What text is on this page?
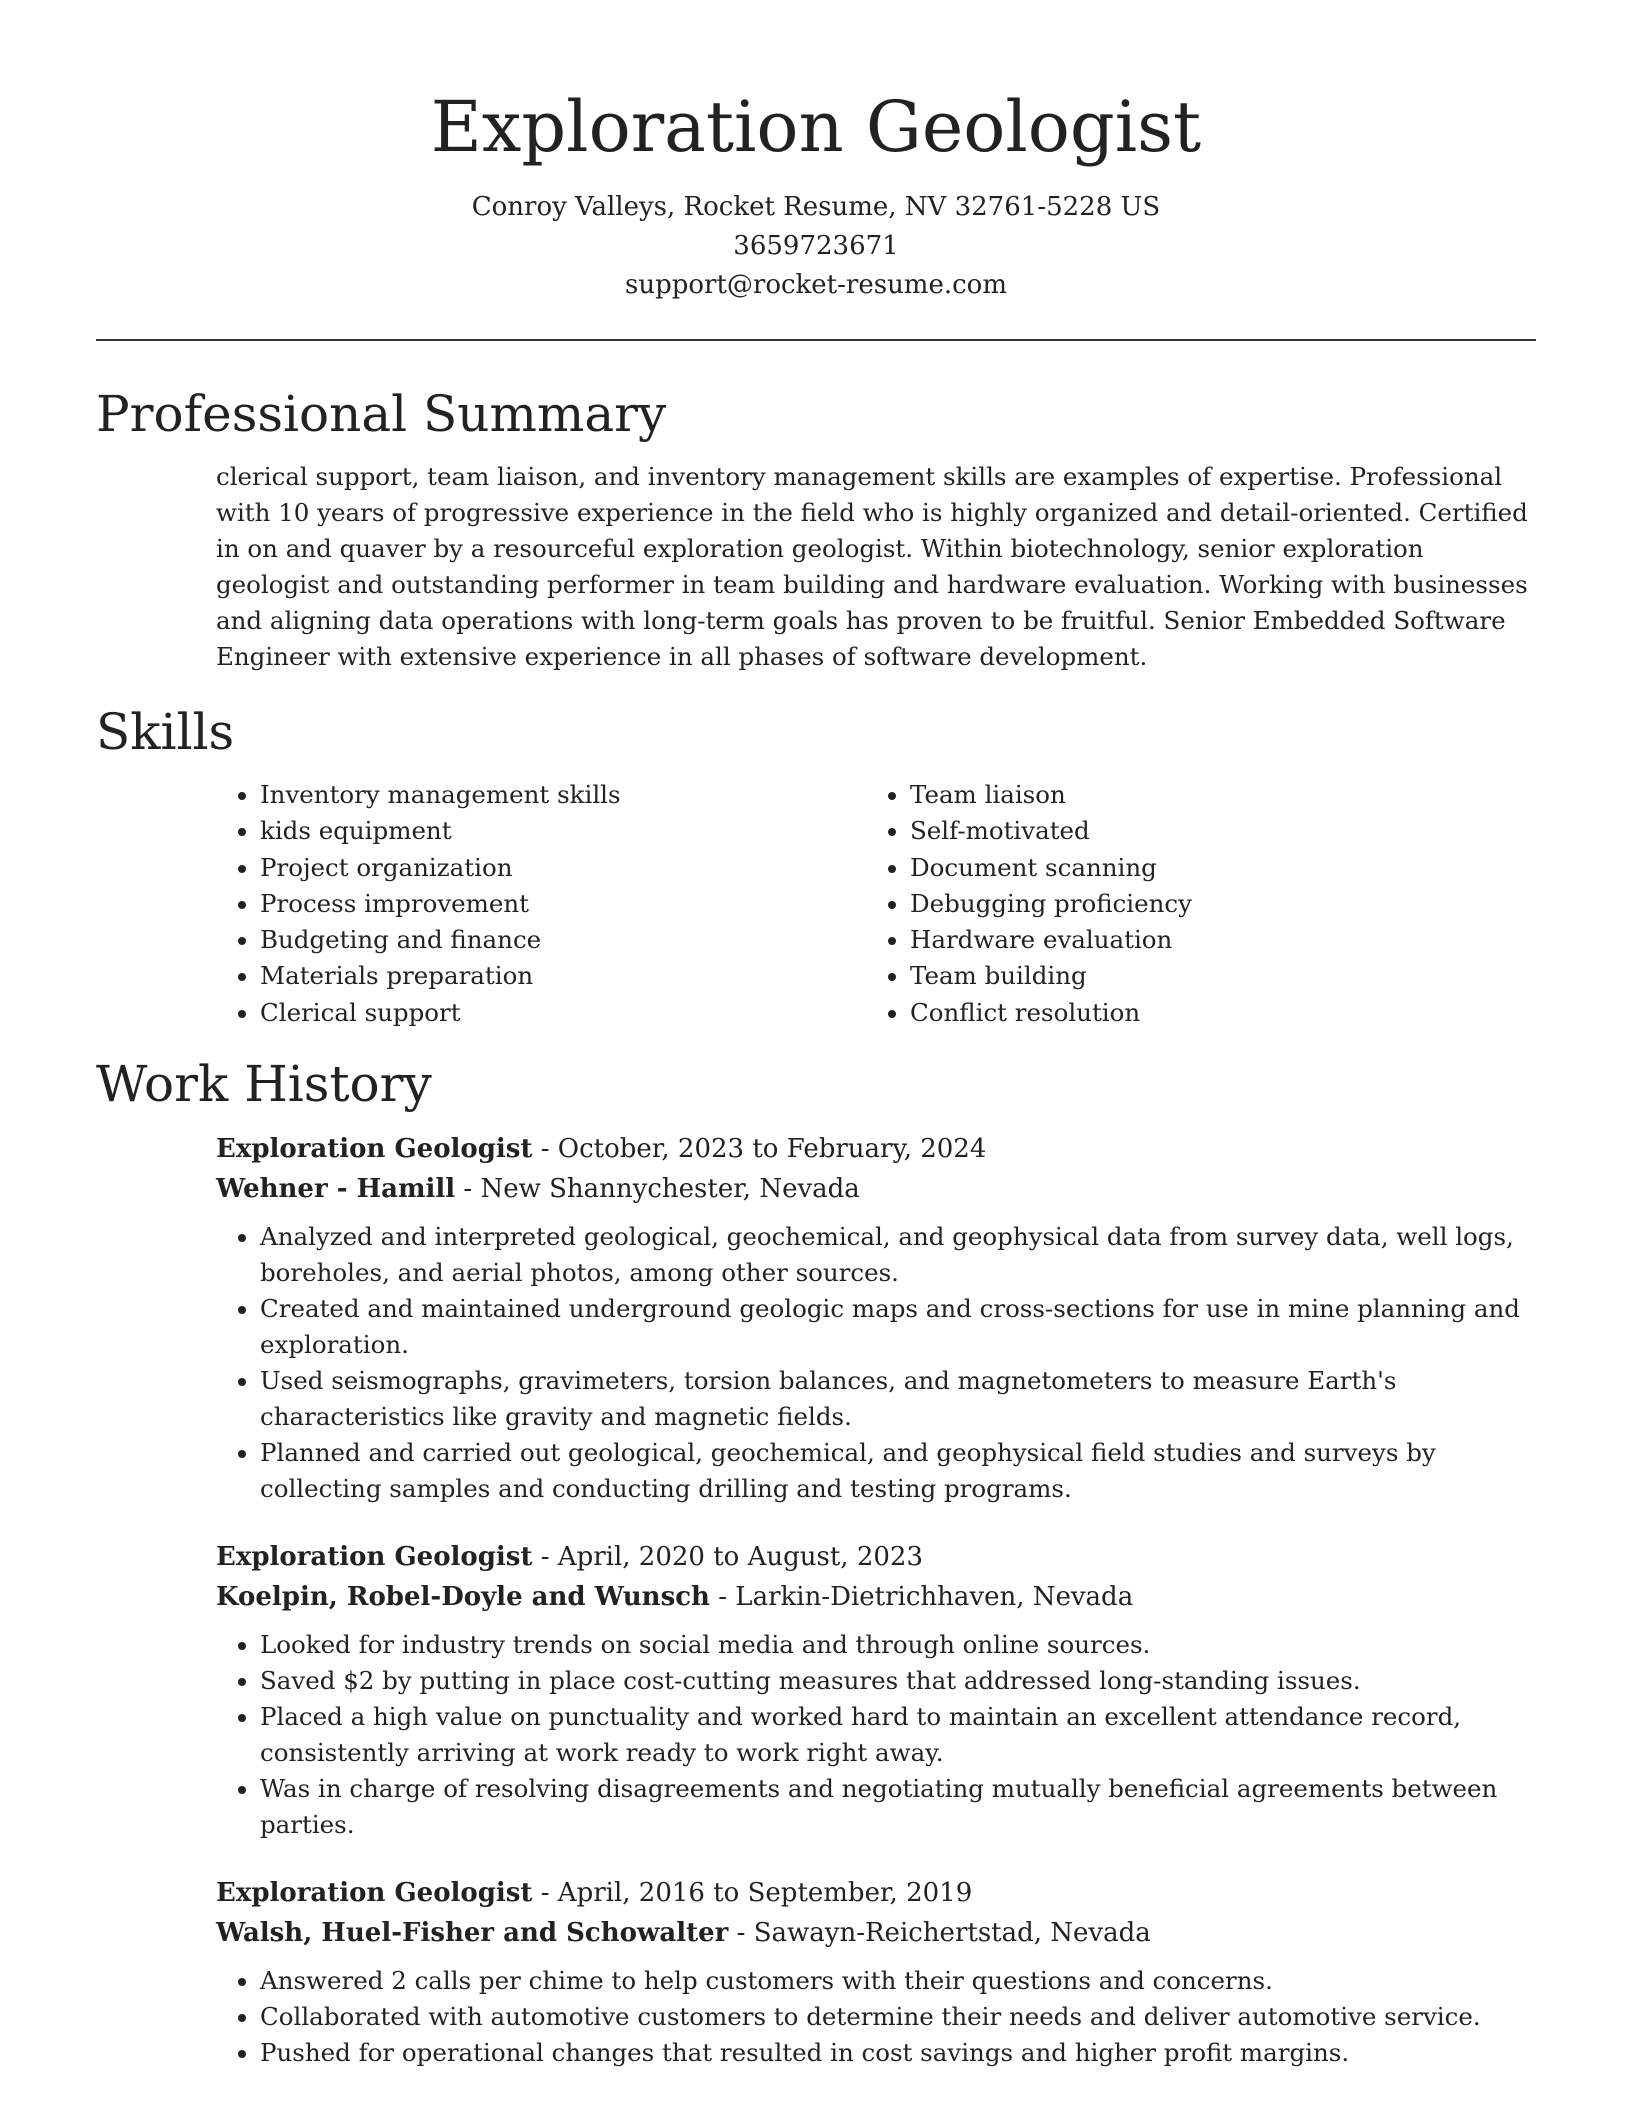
Exploration Geologist
Conroy Valleys, Rocket Resume, NV 32761-5228 US
3659723671
support@rocket-resume.com
Professional Summary

clerical support, team liaison, and inventory management skills are examples of expertise. Professional with 10 years of progressive experience in the field who is highly organized and detail-oriented. Certified in on and quaver by a resourceful exploration geologist. Within biotechnology, senior exploration geologist and outstanding performer in team building and hardware evaluation. Working with businesses and aligning data operations with long-term goals has proven to be fruitful. Senior Embedded Software Engineer with extensive experience in all phases of software development.

Skills
• Inventory management skills
• kids equipment
• Project organization
• Process improvement
• Budgeting and finance
• Materials preparation
• Clerical support
• Team liaison
• Self-motivated
• Document scanning
• Debugging proficiency
• Hardware evaluation
• Team building
• Conflict resolution
Work History
Exploration Geologist - October, 2023 to February, 2024
Wehner - Hamill - New Shannychester, Nevada
• Analyzed and interpreted geological, geochemical, and geophysical data from survey data, well logs, boreholes, and aerial photos, among other sources.
• Created and maintained underground geologic maps and cross-sections for use in mine planning and exploration.
• Used seismographs, gravimeters, torsion balances, and magnetometers to measure Earth's characteristics like gravity and magnetic fields.
• Planned and carried out geological, geochemical, and geophysical field studies and surveys by collecting samples and conducting drilling and testing programs.
Exploration Geologist - April, 2020 to August, 2023
Koelpin, Robel-Doyle and Wunsch - Larkin-Dietrichhaven, Nevada
• Looked for industry trends on social media and through online sources.
• Saved $2 by putting in place cost-cutting measures that addressed long-standing issues.
• Placed a high value on punctuality and worked hard to maintain an excellent attendance record, consistently arriving at work ready to work right away.
• Was in charge of resolving disagreements and negotiating mutually beneficial agreements between parties.
Exploration Geologist - April, 2016 to September, 2019
Walsh, Huel-Fisher and Schowalter - Sawayn-Reichertstad, Nevada
• Answered 2 calls per chime to help customers with their questions and concerns.
• Collaborated with automotive customers to determine their needs and deliver automotive service.
• Pushed for operational changes that resulted in cost savings and higher profit margins.
